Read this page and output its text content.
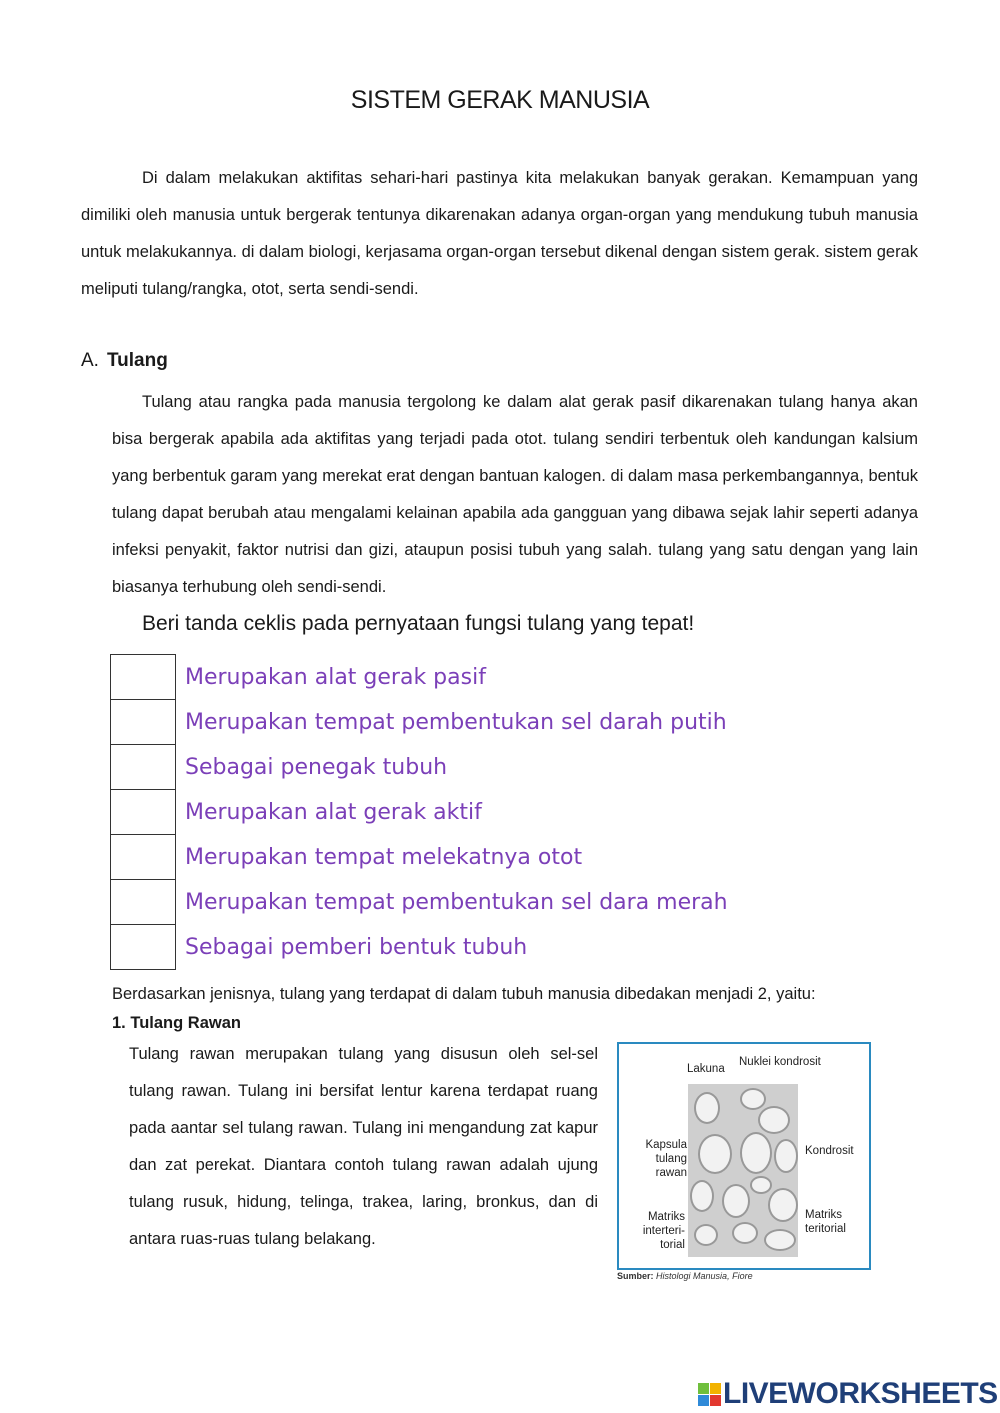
SISTEM GERAK MANUSIA
Di dalam melakukan aktifitas sehari-hari pastinya kita melakukan banyak gerakan. Kemampuan yang dimiliki oleh manusia untuk bergerak tentunya dikarenakan adanya organ-organ yang mendukung tubuh manusia untuk melakukannya. di dalam biologi, kerjasama organ-organ tersebut dikenal dengan sistem gerak. sistem gerak meliputi tulang/rangka, otot, serta sendi-sendi.
A. Tulang
Tulang atau rangka pada manusia tergolong ke dalam alat gerak pasif dikarenakan tulang hanya akan bisa bergerak apabila ada aktifitas yang terjadi pada otot. tulang sendiri terbentuk oleh kandungan kalsium yang berbentuk garam yang merekat erat dengan bantuan kalogen. di dalam masa perkembangannya, bentuk tulang dapat berubah atau mengalami kelainan apabila ada gangguan yang dibawa sejak lahir seperti adanya infeksi penyakit, faktor nutrisi dan gizi, ataupun posisi tubuh yang salah. tulang yang satu dengan yang lain biasanya terhubung oleh sendi-sendi.
Beri tanda ceklis pada pernyataan fungsi tulang yang tepat!
	Merupakan alat gerak pasif
	Merupakan tempat pembentukan sel darah putih
	Sebagai penegak tubuh
	Merupakan alat gerak aktif
	Merupakan tempat melekatnya otot
	Merupakan tempat pembentukan sel dara merah
	Sebagai pemberi bentuk tubuh
Berdasarkan jenisnya, tulang yang terdapat di dalam tubuh manusia dibedakan menjadi 2, yaitu:
1. Tulang Rawan
Tulang rawan merupakan tulang yang disusun oleh sel-sel tulang rawan. Tulang ini bersifat lentur karena terdapat ruang pada aantar sel tulang rawan. Tulang ini mengandung zat kapur dan zat perekat. Diantara contoh tulang rawan adalah ujung tulang rusuk, hidung, telinga, trakea, laring, bronkus, dan di antara ruas-ruas tulang belakang.
Lakuna
Nuklei kondrosit
Kapsula tulang rawan
Kondrosit
Matriks interteri-torial
Matriks teritorial
Sumber: Histologi Manusia, Fiore
LIVEWORKSHEETS
